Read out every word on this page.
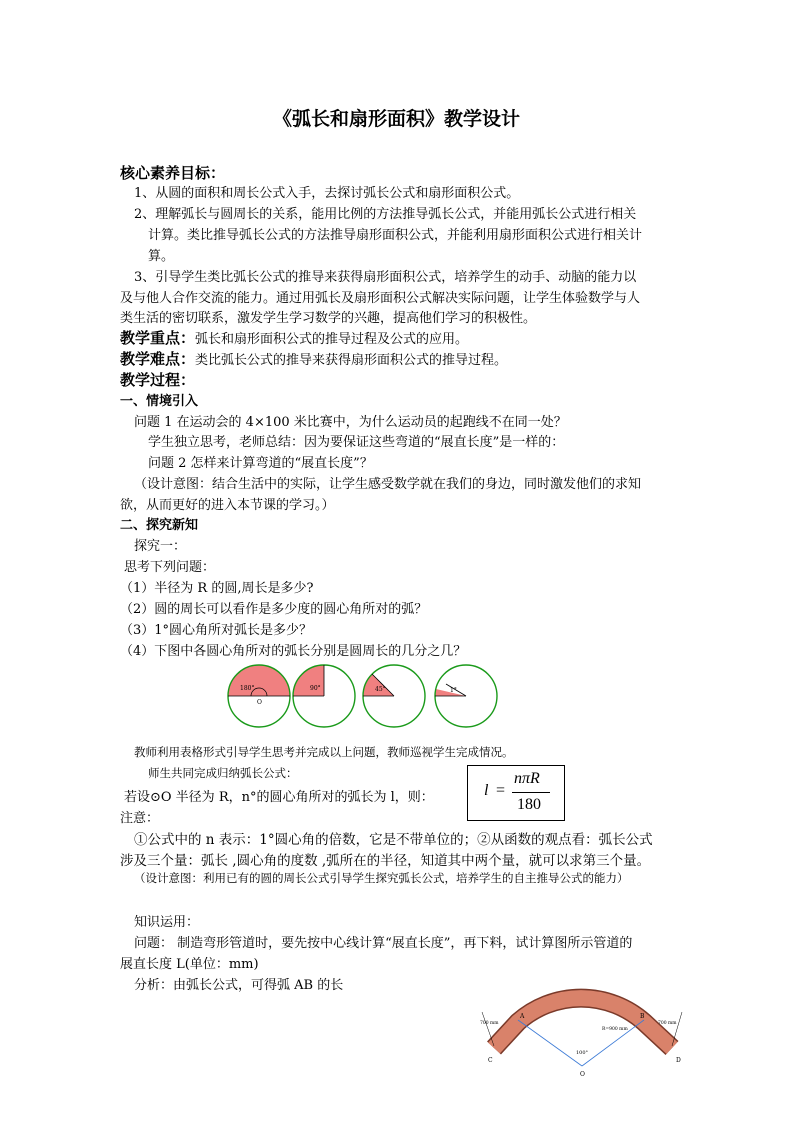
《弧长和扇形面积》教学设计
核心素养目标：
1、从圆的面积和周长公式入手，去探讨弧长公式和扇形面积公式。
2、理解弧长与圆周长的关系，能用比例的方法推导弧长公式，并能用弧长公式进行相关
计算。类比推导弧长公式的方法推导扇形面积公式，并能利用扇形面积公式进行相关计
算。
3、引导学生类比弧长公式的推导来获得扇形面积公式，培养学生的动手、动脑的能力以
及与他人合作交流的能力。通过用弧长及扇形面积公式解决实际问题，让学生体验数学与人
类生活的密切联系，激发学生学习数学的兴趣，提高他们学习的积极性。
教学重点：弧长和扇形面积公式的推导过程及公式的应用。
教学难点：类比弧长公式的推导来获得扇形面积公式的推导过程。
教学过程：
一、情境引入
问题 1 在运动会的 4×100 米比赛中，为什么运动员的起跑线不在同一处？
学生独立思考，老师总结：因为要保证这些弯道的“展直长度”是一样的：
问题 2 怎样来计算弯道的“展直长度”？
（设计意图：结合生活中的实际，让学生感受数学就在我们的身边，同时激发他们的求知
欲，从而更好的进入本节课的学习。）
二、探究新知
探究一：
思考下列问题：
（1）半径为 R 的圆,周长是多少?
（2）圆的周长可以看作是多少度的圆心角所对的弧？
（3）1°圆心角所对弧长是多少？
（4）下图中各圆心角所对的弧长分别是圆周长的几分之几？
180°
O
90°	45°	1°
教师利用表格形式引导学生思考并完成以上问题，教师巡视学生完成情况。
师生共同完成归纳弧长公式：
若设⊙O 半径为 R，n°的圆心角所对的弧长为 l，则：
注意：
l =
nπR
180
①公式中的 n 表示：1°圆心角的倍数，它是不带单位的；②从函数的观点看：弧长公式
涉及三个量：弧长 ,圆心角的度数 ,弧所在的半径，知道其中两个量，就可以求第三个量。
（设计意图：利用已有的圆的周长公式引导学生探究弧长公式，培养学生的自主推导公式的能力）
知识运用：
问题： 制造弯形管道时，要先按中心线计算“展直长度”，再下料，试计算图所示管道的
展直长度 L(单位：mm)
分析：由弧长公式，可得弧 AB 的长
700 mm	700 mm
R=900 mm
100°
A	B
C	D
O
